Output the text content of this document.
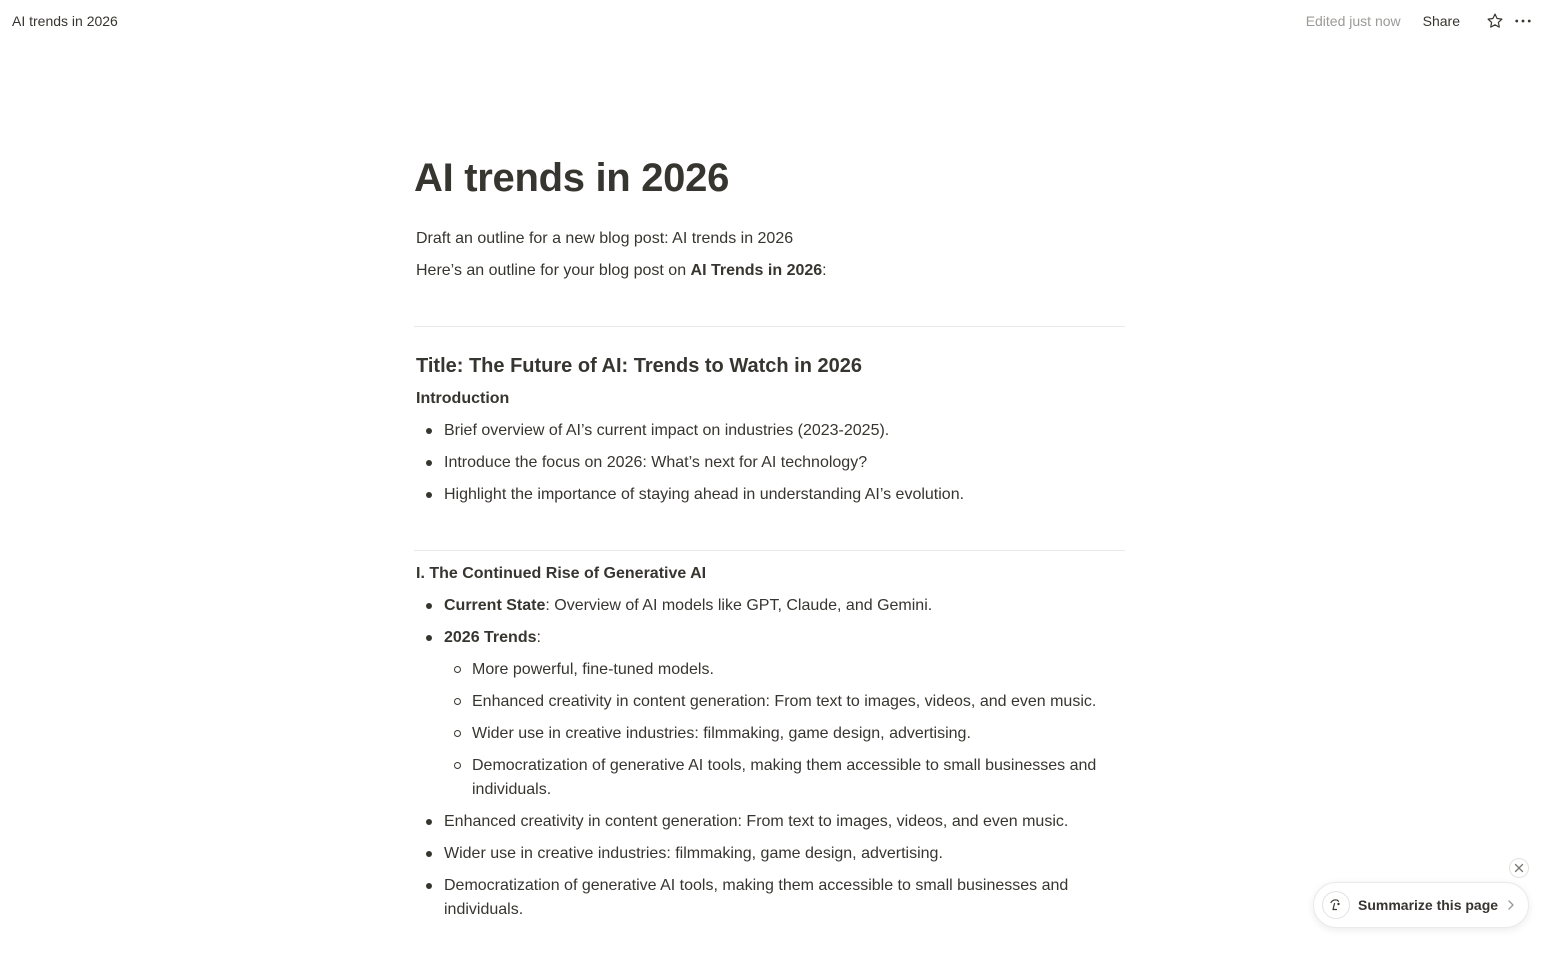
AI trends in 2026	Edited just now Share
AI trends in 2026
Draft an outline for a new blog post: AI trends in 2026
Here’s an outline for your blog post on AI Trends in 2026:
Title: The Future of AI: Trends to Watch in 2026
Introduction
Brief overview of AI’s current impact on industries (2023-2025).
Introduce the focus on 2026: What’s next for AI technology?
Highlight the importance of staying ahead in understanding AI’s evolution.
I. The Continued Rise of Generative AI
Current State: Overview of AI models like GPT, Claude, and Gemini.
2026 Trends:
More powerful, fine-tuned models.
Enhanced creativity in content generation: From text to images, videos, and even music.
Wider use in creative industries: filmmaking, game design, advertising.
Democratization of generative AI tools, making them accessible to small businesses and individuals.
Enhanced creativity in content generation: From text to images, videos, and even music.
Wider use in creative industries: filmmaking, game design, advertising.
Democratization of generative AI tools, making them accessible to small businesses and individuals.	Summarize this page
